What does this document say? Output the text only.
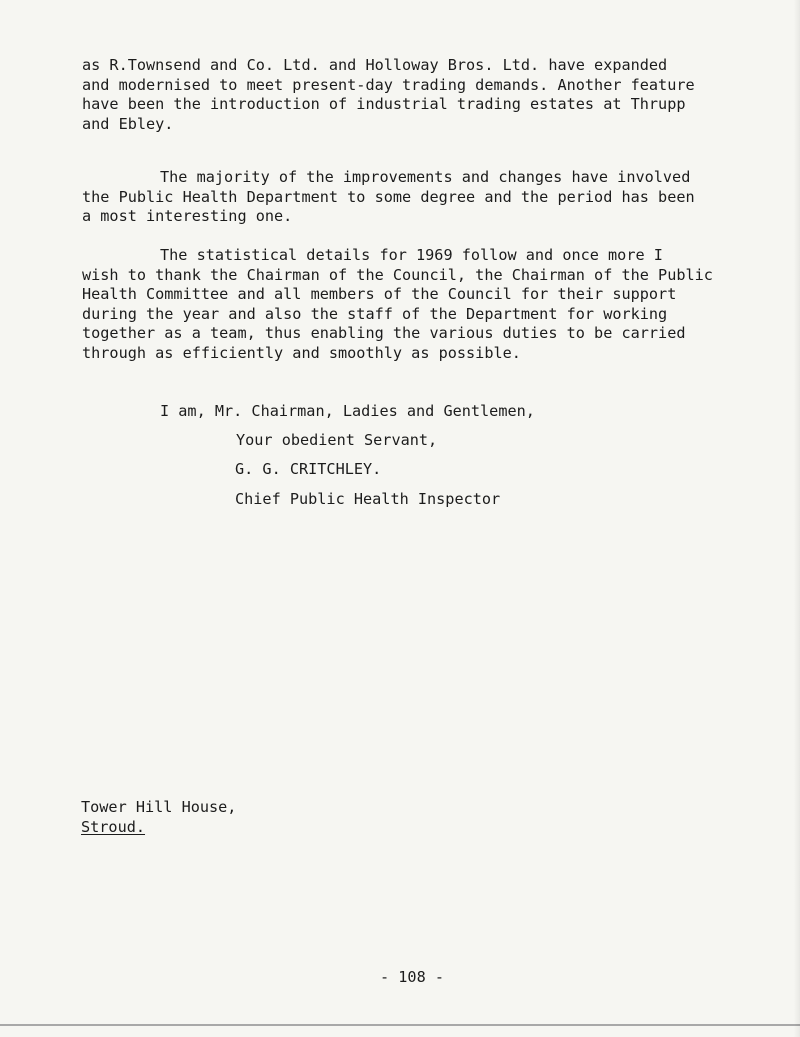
as R.Townsend and Co. Ltd. and Holloway Bros. Ltd. have expanded
and modernised to meet present-day trading demands. Another feature
have been the introduction of industrial trading estates at Thrupp
and Ebley.
The majority of the improvements and changes have involved
the Public Health Department to some degree and the period has been
a most interesting one.
The statistical details for 1969 follow and once more I
wish to thank the Chairman of the Council, the Chairman of the Public
Health Committee and all members of the Council for their support
during the year and also the staff of the Department for working
together as a team, thus enabling the various duties to be carried
through as efficiently and smoothly as possible.
I am, Mr. Chairman, Ladies and Gentlemen,
Your obedient Servant,
G. G. CRITCHLEY.
Chief Public Health Inspector
Tower Hill House,
Stroud.
- 108 -
